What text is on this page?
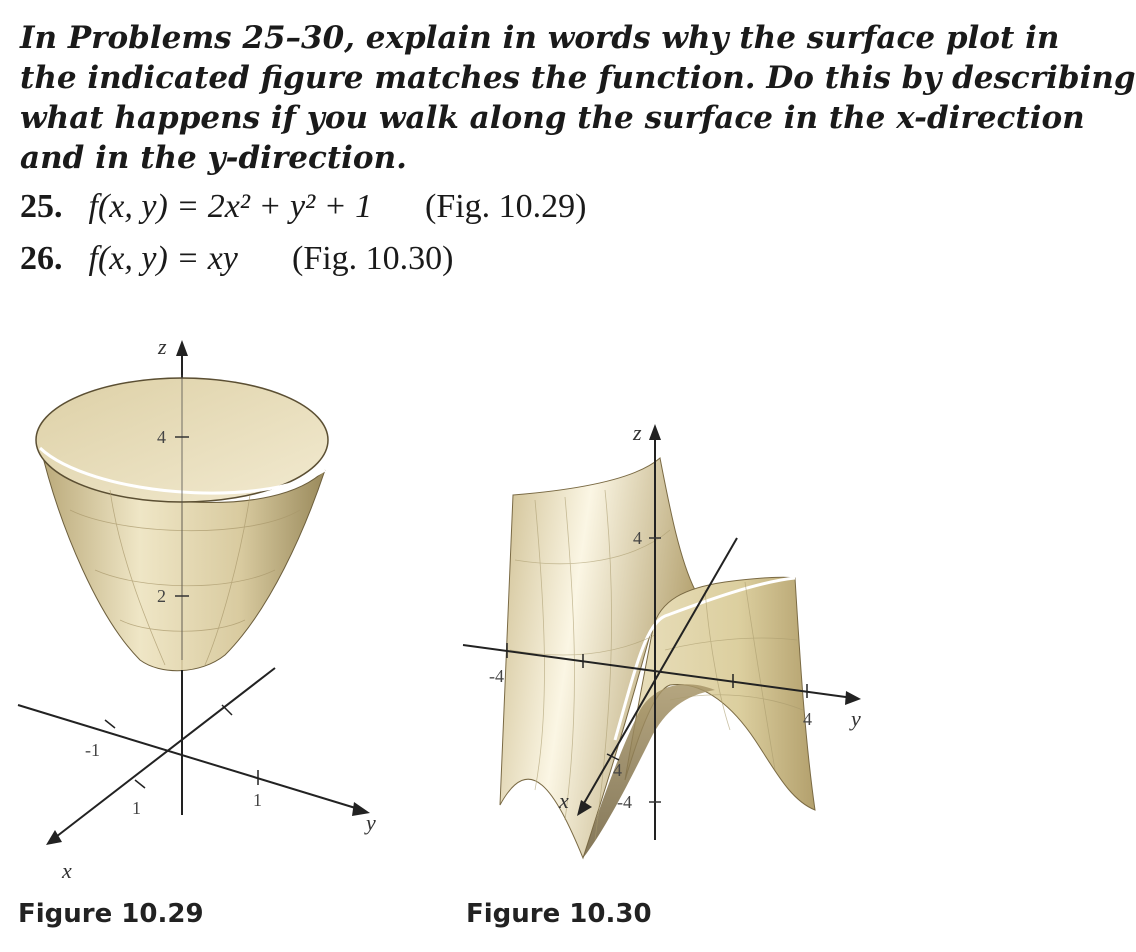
In Problems 25–30, explain in words why the surface plot in
the indicated figure matches the function. Do this by describing
what happens if you walk along the surface in the x-direction
and in the y-direction.
25. f(x, y) = 2x² + y² + 1 (Fig. 10.29)
26. f(x, y) = xy (Fig. 10.30)
4
2
z
-1
1
x
1
y
z
4
-4
-4
4 y
4
x
Figure 10.29	Figure 10.30
